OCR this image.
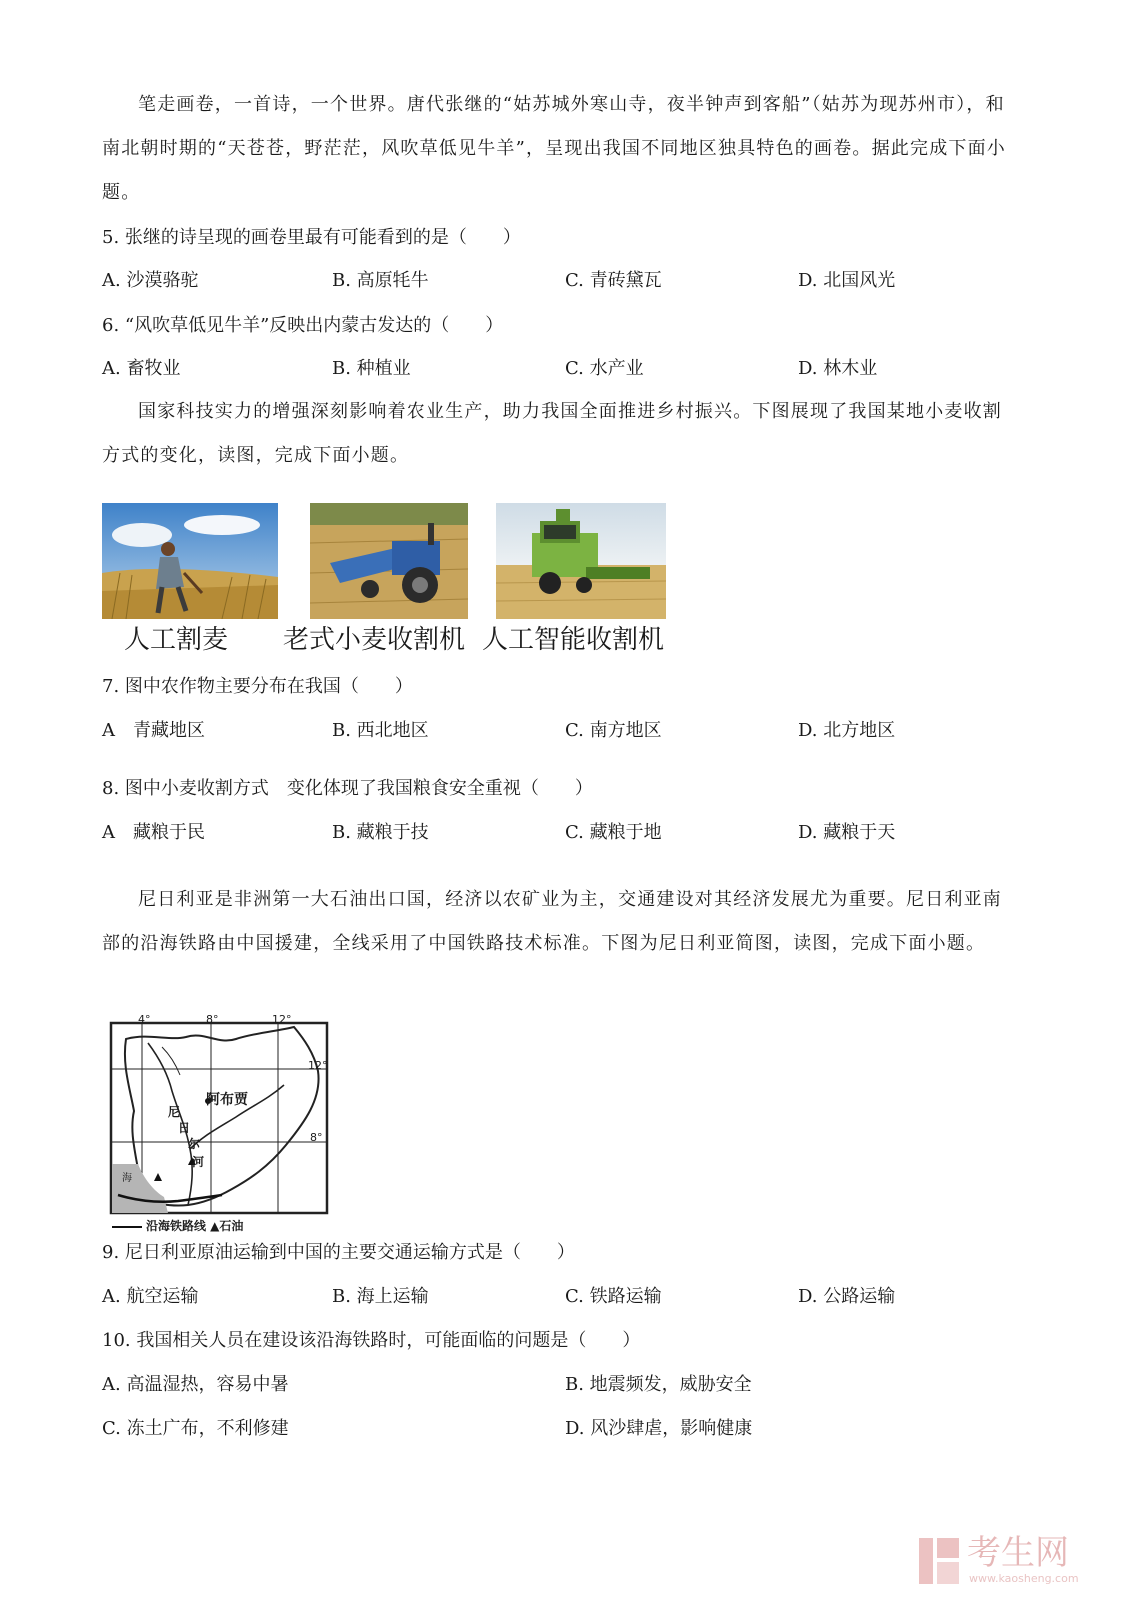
笔走画卷，一首诗，一个世界。唐代张继的“姑苏城外寒山寺，夜半钟声到客船”（姑苏为现苏州市），和南北朝时期的“天苍苍，野茫茫，风吹草低见牛羊”，呈现出我国不同地区独具特色的画卷。据此完成下面小题。
5. 张继的诗呈现的画卷里最有可能看到的是（　　）
A. 沙漠骆驼	B. 高原牦牛	C. 青砖黛瓦	D. 北国风光
6. “风吹草低见牛羊”反映出内蒙古发达的（　　）
A. 畜牧业	B. 种植业	C. 水产业	D. 林木业
国家科技实力的增强深刻影响着农业生产，助力我国全面推进乡村振兴。下图展现了我国某地小麦收割方式的变化，读图，完成下面小题。
人工割麦 老式小麦收割机 人工智能收割机
7. 图中农作物主要分布在我国（　　）
A　青藏地区	B. 西北地区	C. 南方地区	D. 北方地区
8. 图中小麦收割方式　变化体现了我国粮食安全重视（　　）
A　藏粮于民	B. 藏粮于技	C. 藏粮于地	D. 藏粮于天
尼日利亚是非洲第一大石油出口国，经济以农矿业为主，交通建设对其经济发展尤为重要。尼日利亚南部的沿海铁路由中国援建，全线采用了中国铁路技术标准。下图为尼日利亚简图，读图，完成下面小题。
4°	8°	12°
12°
8°
阿布贾
尼
日
尔
河
海
沿海铁路线 ▲石油
9. 尼日利亚原油运输到中国的主要交通运输方式是（　　）
A. 航空运输	B. 海上运输	C. 铁路运输	D. 公路运输
10. 我国相关人员在建设该沿海铁路时，可能面临的问题是（　　）
A. 高温湿热，容易中暑	B. 地震频发，威胁安全
C. 冻土广布，不利修建	D. 风沙肆虐，影响健康
考生网
www.kaosheng.com
